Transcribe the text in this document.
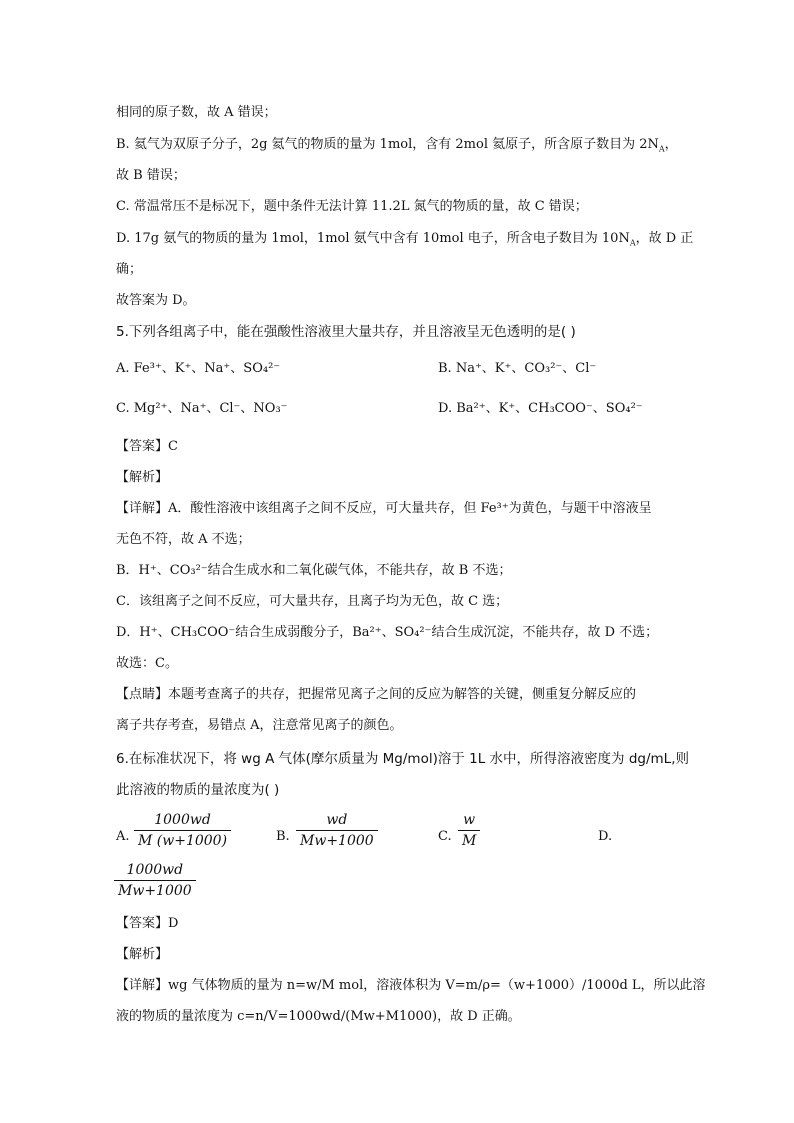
相同的原子数，故 A 错误；
B. 氦气为双原子分子，2g 氦气的物质的量为 1mol，含有 2mol 氦原子，所含原子数目为 $2N_A$，
故 B 错误；
C. 常温常压不是标况下，题中条件无法计算 11.2L 氮气的物质的量，故 C 错误；
D. 17g 氨气的物质的量为 1mol，1mol 氨气中含有 10mol 电子，所含电子数目为 $10N_A$，故 D 正
确；
故答案为 D。
5.下列各组离子中，能在强酸性溶液里大量共存，并且溶液呈无色透明的是( )
A. Fe³⁺、K⁺、Na⁺、SO₄²⁻	B. Na⁺、K⁺、CO₃²⁻、Cl⁻
C. Mg²⁺、Na⁺、Cl⁻、NO₃⁻	D. Ba²⁺、K⁺、CH₃COO⁻、SO₄²⁻
【答案】C
【解析】
【详解】A．酸性溶液中该组离子之间不反应，可大量共存，但 Fe³⁺为黄色，与题干中溶液呈
无色不符，故 A 不选；
B．H⁺、CO₃²⁻结合生成水和二氧化碳气体，不能共存，故 B 不选；
C．该组离子之间不反应，可大量共存，且离子均为无色，故 C 选；
D．H⁺、CH₃COO⁻结合生成弱酸分子，Ba²⁺、SO₄²⁻结合生成沉淀，不能共存，故 D 不选；
故选：C。
【点睛】本题考查离子的共存，把握常见离子之间的反应为解答的关键，侧重复分解反应的
离子共存考查，易错点 A，注意常见离子的颜色。
6.在标准状况下，将 wg A 气体(摩尔质量为 Mg/mol)溶于 1L 水中，所得溶液密度为 dg/mL,则
此溶液的物质的量浓度为( )
A.
1000wd
M (w+1000)	B.
wd
Mw+1000	C.
w
M	D.
1000wd
Mw+1000
【答案】D
【解析】
【详解】wg 气体物质的量为 n=w/M mol，溶液体积为 V=m/ρ=（w+1000）/1000d L，所以此溶
液的物质的量浓度为 c=n/V=1000wd/(Mw+M1000)，故 D 正确。
